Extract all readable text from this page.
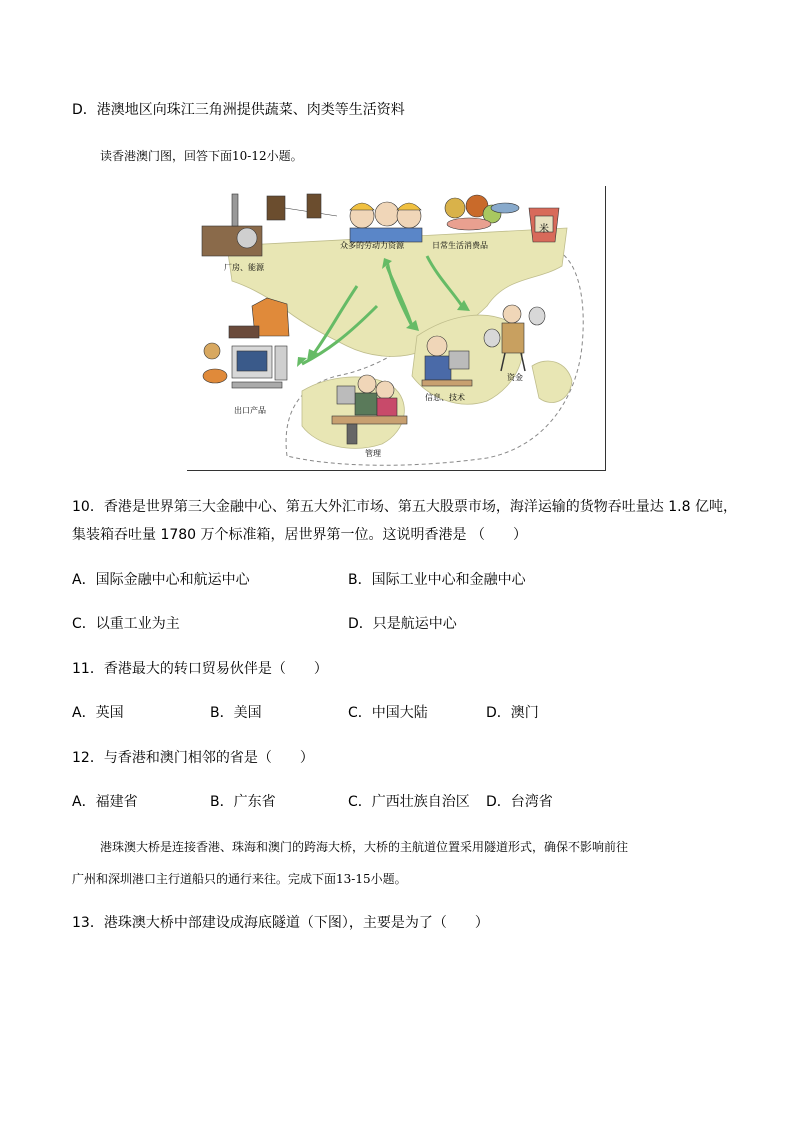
D．港澳地区向珠江三角洲提供蔬菜、肉类等生活资料
读香港澳门图，回答下面10-12小题。
厂房、能源
众多的劳动力资源	日常生活消费品
米
出口产品
资金
信息、技术
管理
10．香港是世界第三大金融中心、第五大外汇市场、第五大股票市场，海洋运输的货物吞吐量达 1.8 亿吨，
集装箱吞吐量 1780 万个标准箱，居世界第一位。这说明香港是 （　　）
A．国际金融中心和航运中心	B．国际工业中心和金融中心
C．以重工业为主	D．只是航运中心
11．香港最大的转口贸易伙伴是（　　）
A．英国	B．美国	C．中国大陆	D．澳门
12．与香港和澳门相邻的省是（　　）
A．福建省	B．广东省	C．广西壮族自治区 D．台湾省
港珠澳大桥是连接香港、珠海和澳门的跨海大桥，大桥的主航道位置采用隧道形式，确保不影响前往
广州和深圳港口主行道船只的通行来往。完成下面13-15小题。
13．港珠澳大桥中部建设成海底隧道（下图），主要是为了（　　）
